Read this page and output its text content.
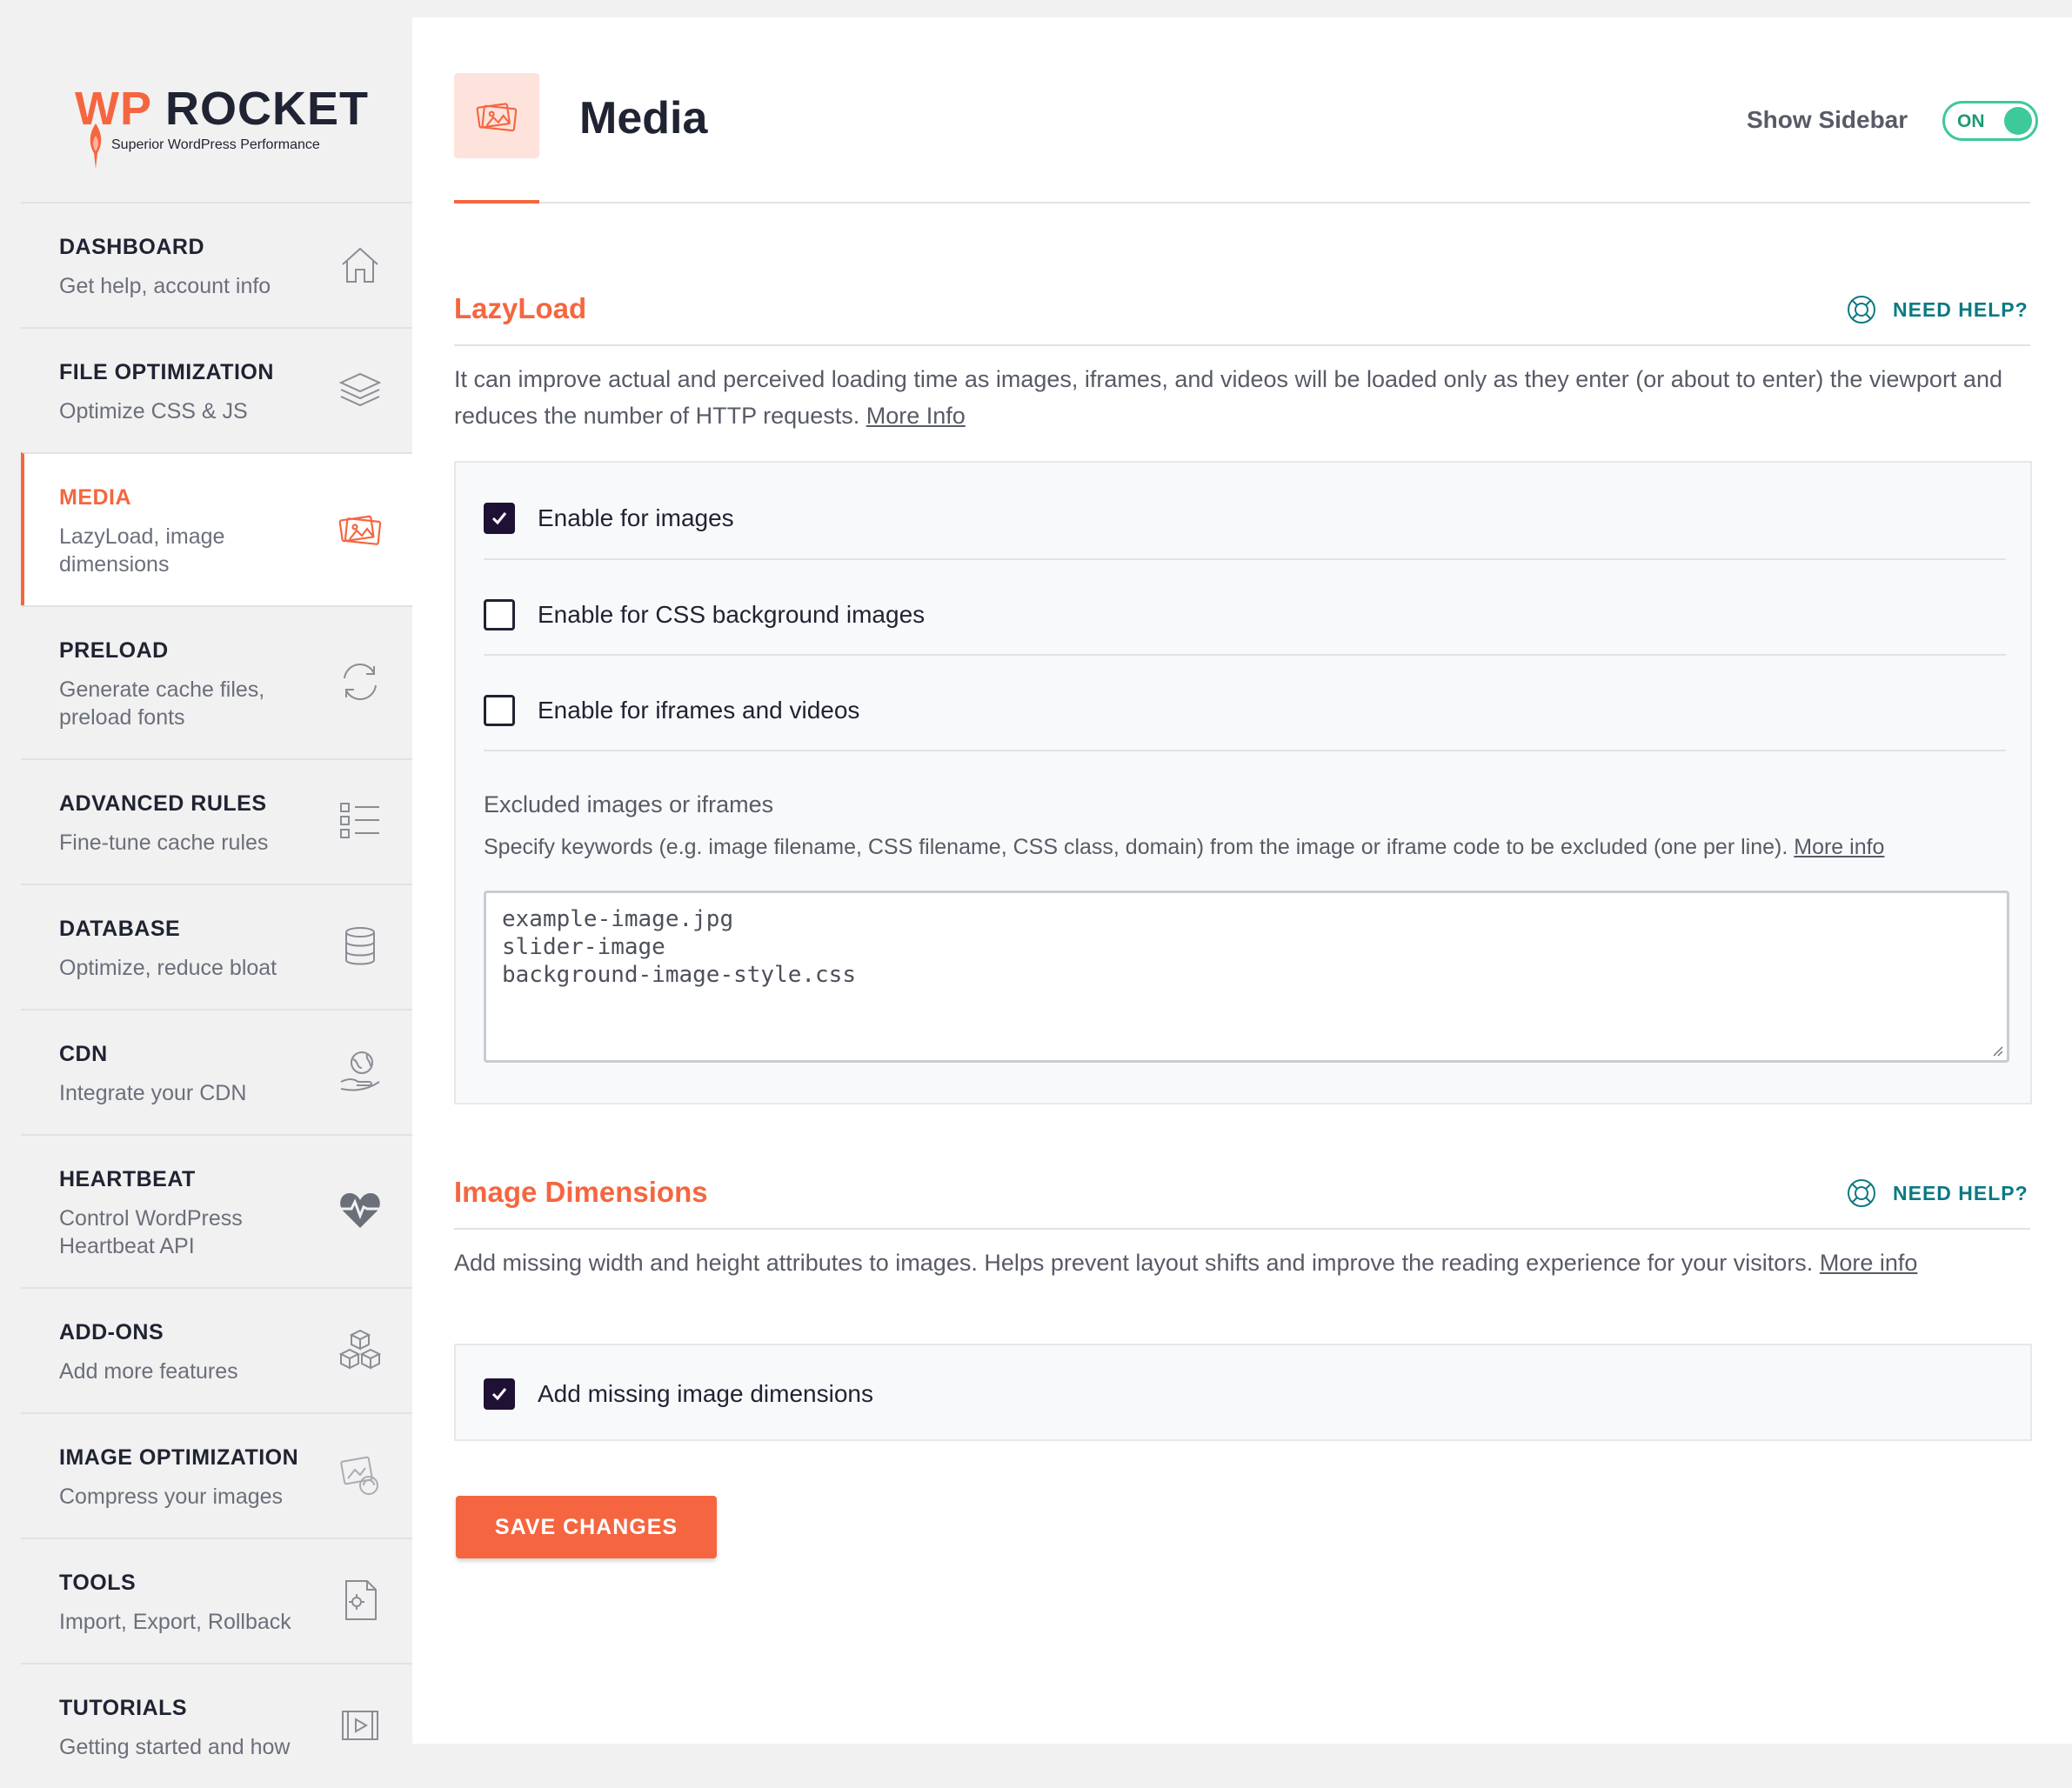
WP ROCKET
Superior WordPress Performance
DASHBOARD
Get help, account info
FILE OPTIMIZATION
Optimize CSS & JS
MEDIA
LazyLoad, image dimensions
PRELOAD
Generate cache files, preload fonts
ADVANCED RULES
Fine-tune cache rules
DATABASE
Optimize, reduce bloat
CDN
Integrate your CDN
HEARTBEAT
Control WordPress Heartbeat API
ADD-ONS
Add more features
IMAGE OPTIMIZATION
Compress your images
TOOLS
Import, Export, Rollback
TUTORIALS
Getting started and how
Media	Show Sidebar	ON
LazyLoad	NEED HELP?
It can improve actual and perceived loading time as images, iframes, and videos will be loaded only as they enter (or about to enter) the viewport and reduces the number of HTTP requests. More Info
Enable for images
Enable for CSS background images
Enable for iframes and videos
Excluded images or iframes
Specify keywords (e.g. image filename, CSS filename, CSS class, domain) from the image or iframe code to be excluded (one per line). More info
example-image.jpg
slider-image
background-image-style.css
Image Dimensions	NEED HELP?
Add missing width and height attributes to images. Helps prevent layout shifts and improve the reading experience for your visitors. More info
Add missing image dimensions
SAVE CHANGES
